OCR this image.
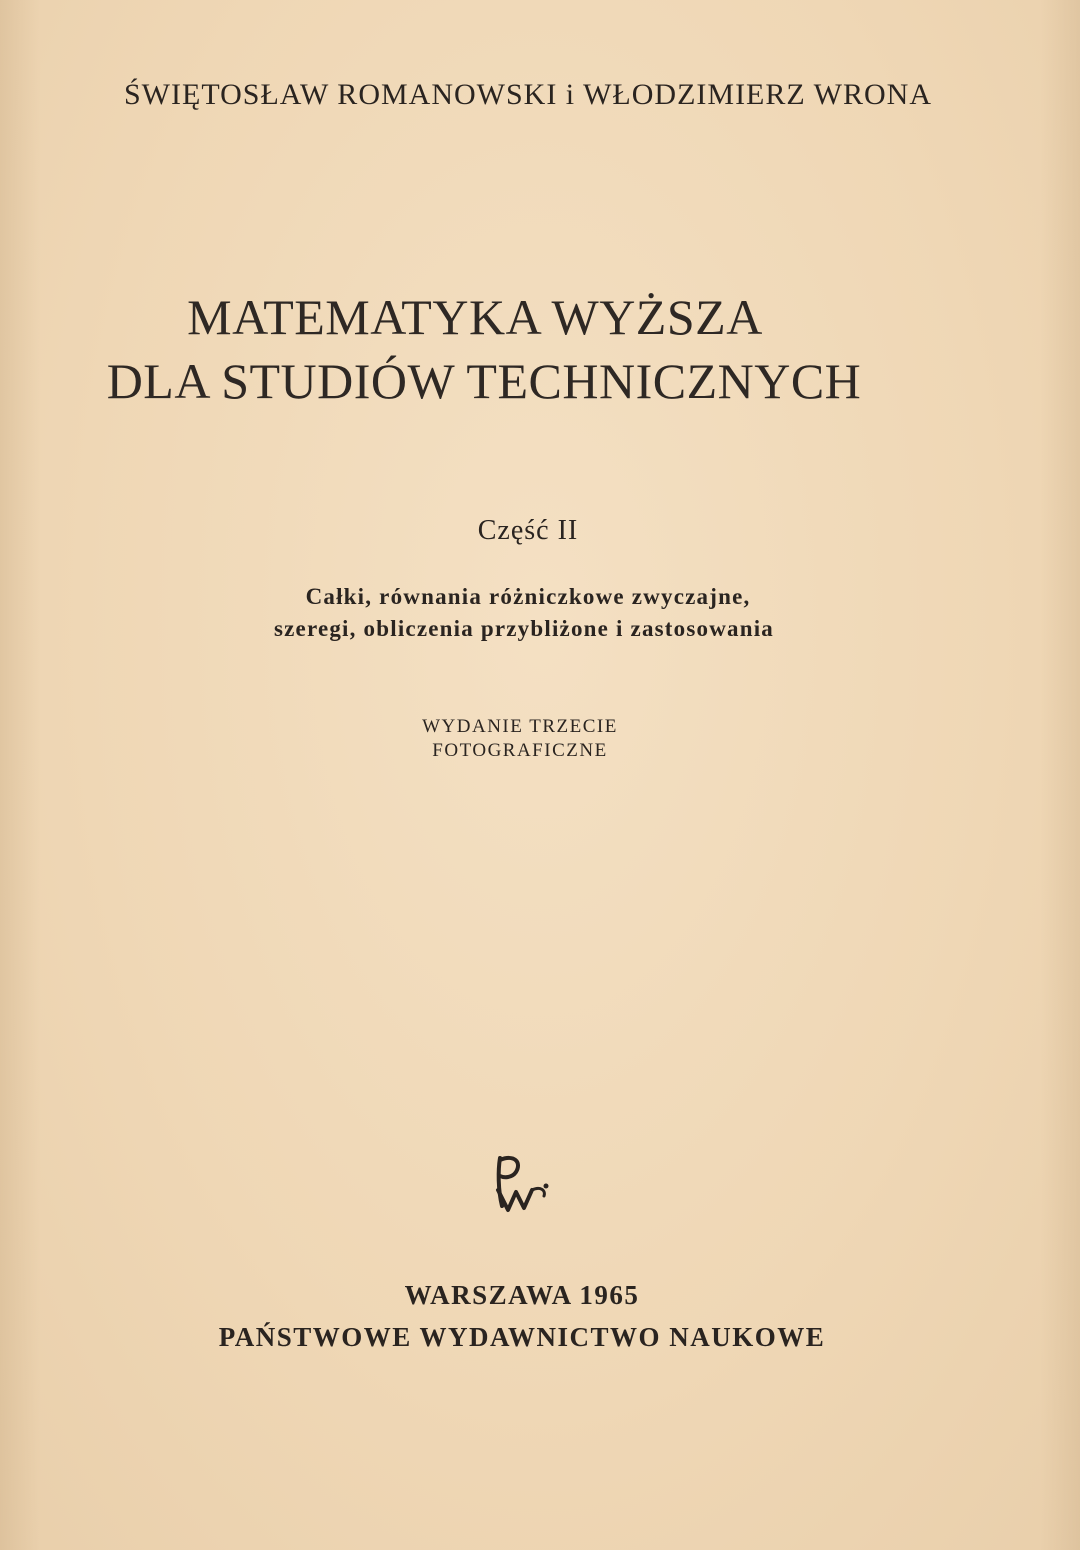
ŚWIĘTOSŁAW ROMANOWSKI i WŁODZIMIERZ WRONA
MATEMATYKA WYŻSZA
DLA STUDIÓW TECHNICZNYCH
Część II
Całki, równania różniczkowe zwyczajne,
szeregi, obliczenia przybliżone i zastosowania
WYDANIE TRZECIE
FOTOGRAFICZNE
WARSZAWA 1965
PAŃSTWOWE WYDAWNICTWO NAUKOWE
